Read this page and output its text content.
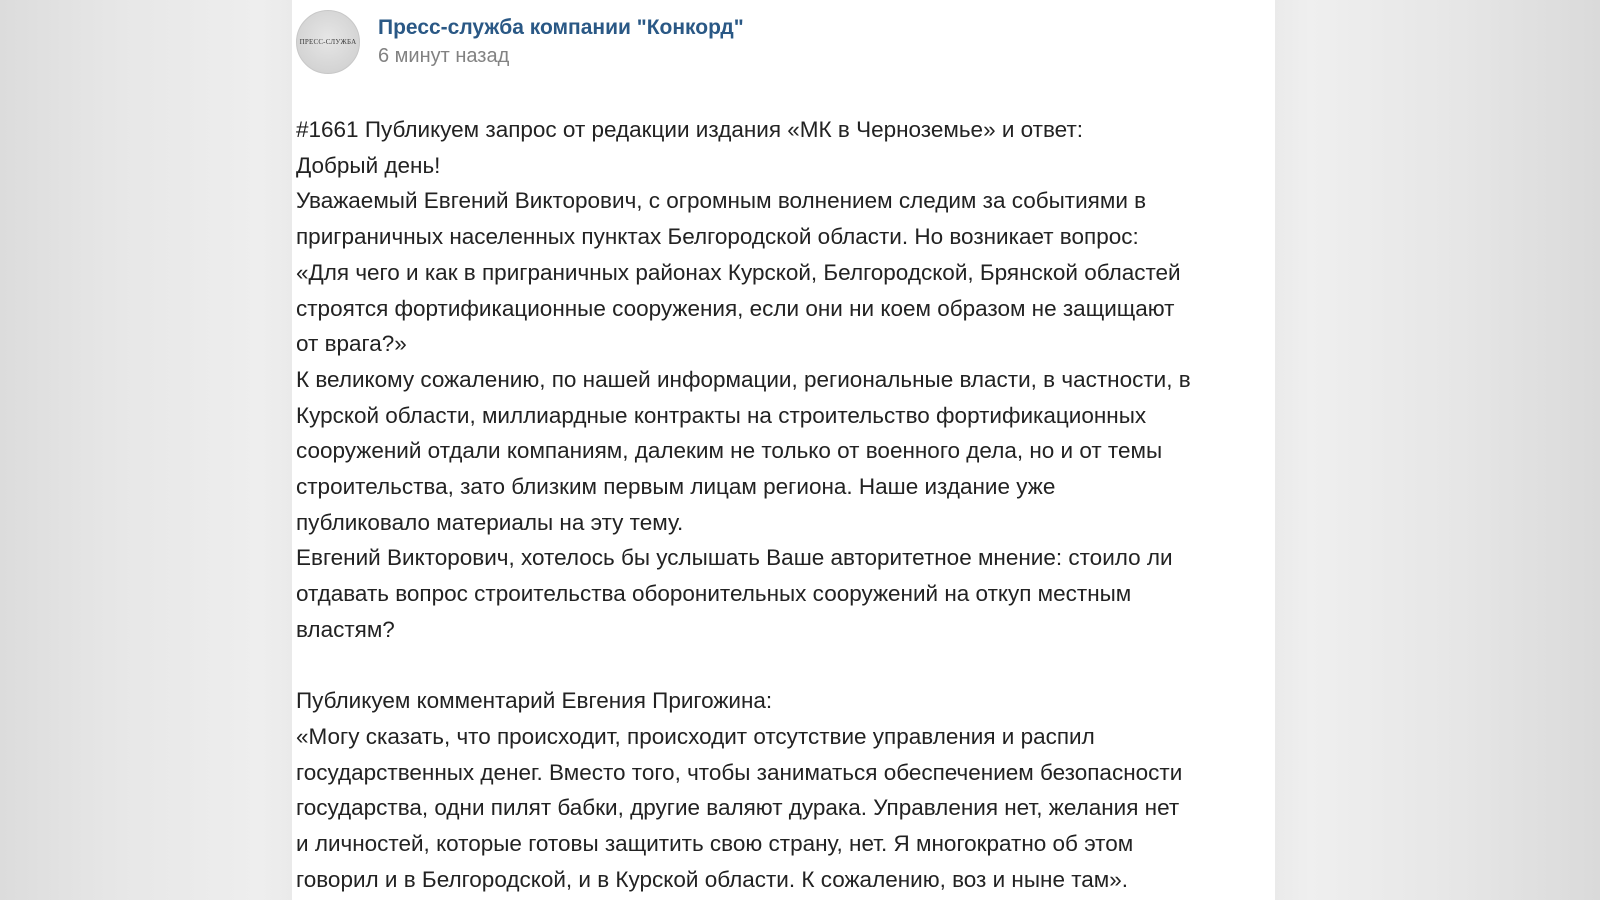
ПРЕСС-СЛУЖБА
Пресс-служба компании "Конкорд"
6 минут назад

#1661 Публикуем запрос от редакции издания «МК в Черноземье» и ответ:

Добрый день!

Уважаемый Евгений Викторович, с огромным волнением следим за событиями в

приграничных населенных пунктах Белгородской области. Но возникает вопрос:

«Для чего и как в приграничных районах Курской, Белгородской, Брянской областей

строятся фортификационные сооружения, если они ни коем образом не защищают

от врага?»

К великому сожалению, по нашей информации, региональные власти, в частности, в

Курской области, миллиардные контракты на строительство фортификационных

сооружений отдали компаниям, далеким не только от военного дела, но и от темы

строительства, зато близким первым лицам региона. Наше издание уже

публиковало материалы на эту тему.

Евгений Викторович, хотелось бы услышать Ваше авторитетное мнение: стоило ли

отдавать вопрос строительства оборонительных сооружений на откуп местным

властям?

Публикуем комментарий Евгения Пригожина:

«Могу сказать, что происходит, происходит отсутствие управления и распил

государственных денег. Вместо того, чтобы заниматься обеспечением безопасности

государства, одни пилят бабки, другие валяют дурака. Управления нет, желания нет

и личностей, которые готовы защитить свою страну, нет. Я многократно об этом

говорил и в Белгородской, и в Курской области. К сожалению, воз и ныне там».
